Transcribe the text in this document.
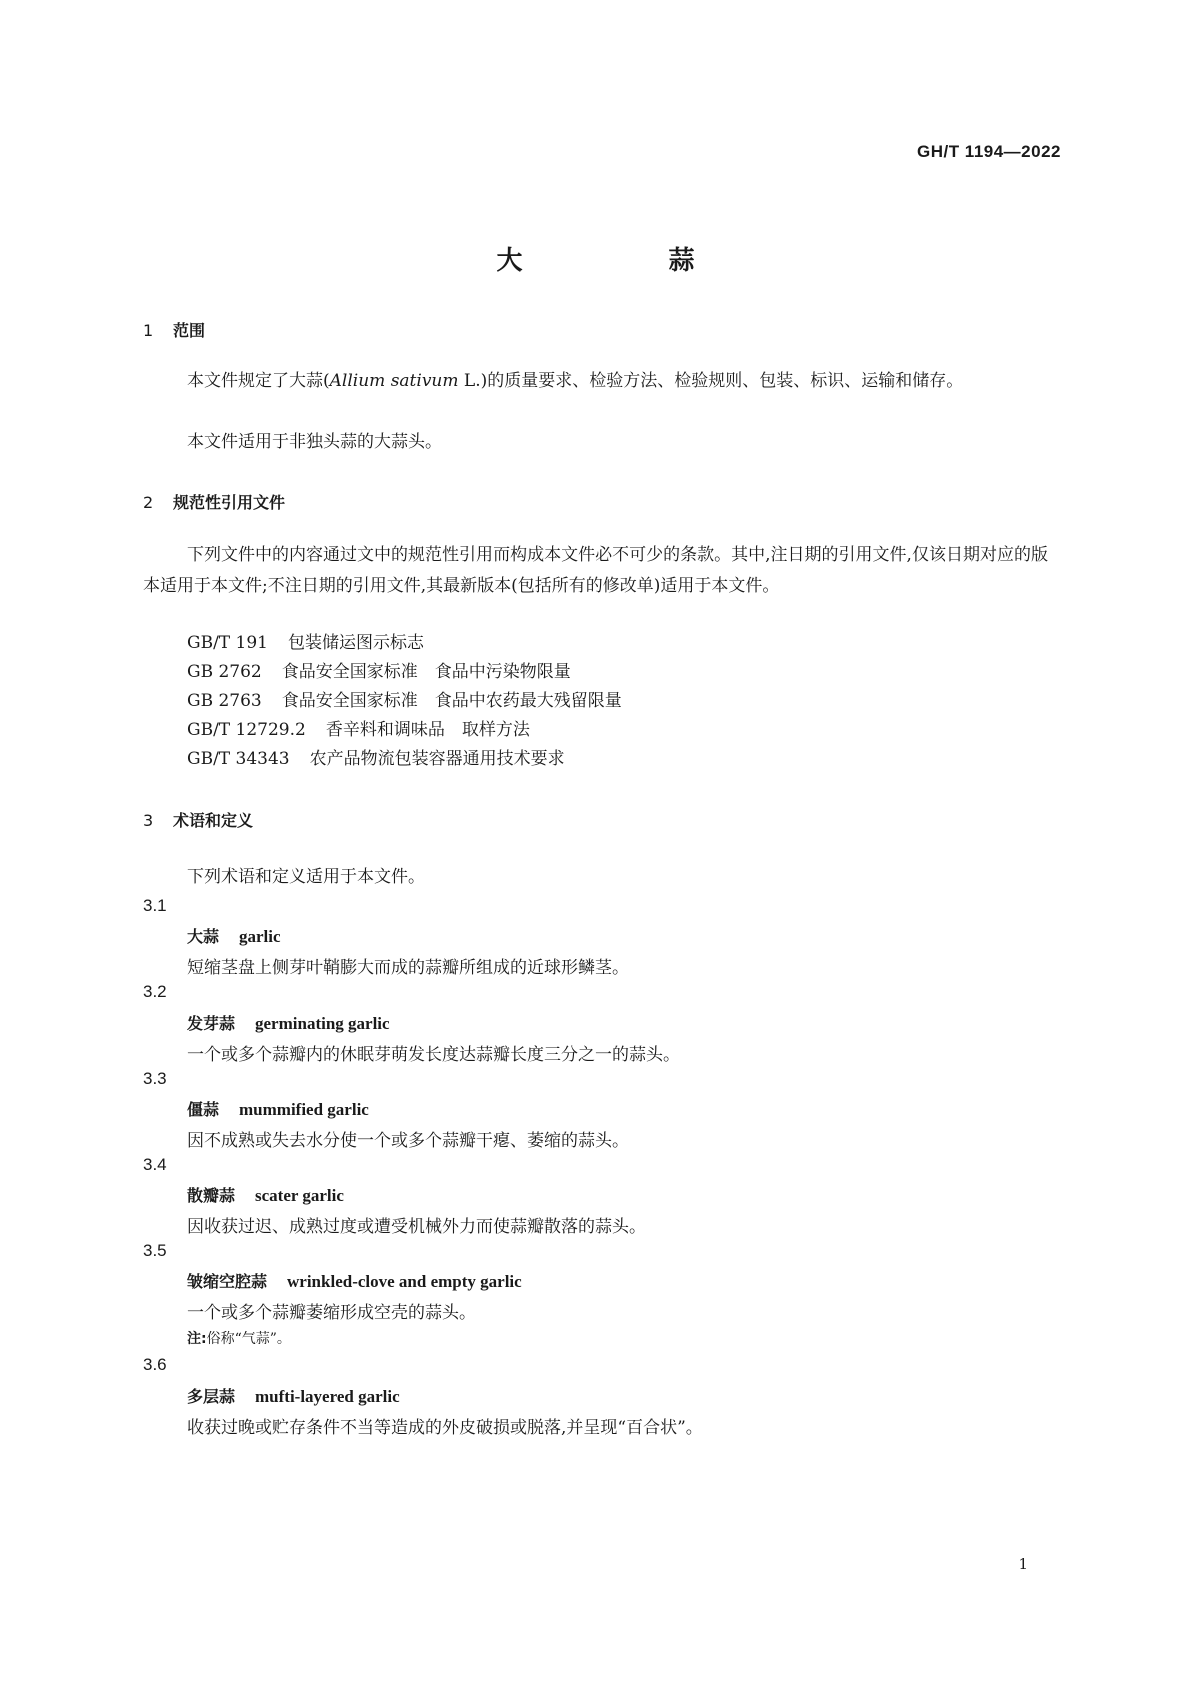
GH/T 1194—2022
大　蒜
1 范围
本文件规定了大蒜(Allium sativum L.)的质量要求、检验方法、检验规则、包装、标识、运输和储存。
本文件适用于非独头蒜的大蒜头。
2 规范性引用文件
下列文件中的内容通过文中的规范性引用而构成本文件必不可少的条款。其中,注日期的引用文件,仅该日期对应的版本适用于本文件;不注日期的引用文件,其最新版本(包括所有的修改单)适用于本文件。
GB/T 191 包装储运图示标志
GB 2762 食品安全国家标准　食品中污染物限量
GB 2763 食品安全国家标准　食品中农药最大残留限量
GB/T 12729.2 香辛料和调味品　取样方法
GB/T 34343 农产品物流包装容器通用技术要求
3 术语和定义
下列术语和定义适用于本文件。
3.1
大蒜 garlic
短缩茎盘上侧芽叶鞘膨大而成的蒜瓣所组成的近球形鳞茎。
3.2
发芽蒜 germinating garlic
一个或多个蒜瓣内的休眠芽萌发长度达蒜瓣长度三分之一的蒜头。
3.3
僵蒜 mummified garlic
因不成熟或失去水分使一个或多个蒜瓣干瘪、萎缩的蒜头。
3.4
散瓣蒜 scater garlic
因收获过迟、成熟过度或遭受机械外力而使蒜瓣散落的蒜头。
3.5
皱缩空腔蒜 wrinkled-clove and empty garlic
一个或多个蒜瓣萎缩形成空壳的蒜头。
注:俗称“气蒜”。
3.6
多层蒜 mufti-layered garlic
收获过晚或贮存条件不当等造成的外皮破损或脱落,并呈现“百合状”。
1
